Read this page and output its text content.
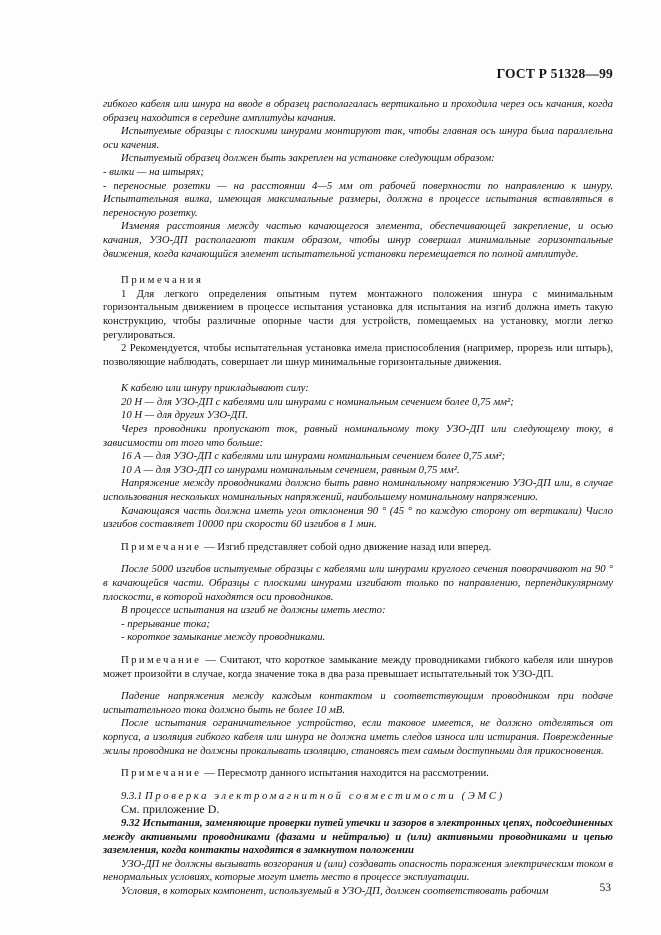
ГОСТ Р 51328—99

гибкого кабеля или шнура на вводе в образец располагалась вертикально и проходила через ось качания, когда образец находится в середине амплитуды качания.

Испытуемые образцы с плоскими шнурами монтируют так, чтобы главная ось шнура была параллельна оси качения.

Испытуемый образец должен быть закреплен на установке следующим образом:

- вилки — на штырях;

- переносные розетки — на расстоянии 4—5 мм от рабочей поверхности по направлению к шнуру. Испытательная вилка, имеющая максимальные размеры, должна в процессе испытания вставляться в переносную розетку.

Изменяя расстояния между частью качающегося элемента, обеспечивающей закрепление, и осью качания, УЗО-ДП располагают таким образом, чтобы шнур совершал минимальные горизонтальные движения, когда качающийся элемент испытательной установки перемещается по полной амплитуде.

Примечания

1 Для легкого определения опытным путем монтажного положения шнура с минимальным горизонтальным движением в процессе испытания установка для испытания на изгиб должна иметь такую конструкцию, чтобы различные опорные части для устройств, помещаемых на установку, могли легко регулироваться.

2 Рекомендуется, чтобы испытательная установка имела приспособления (например, прорезь или штырь), позволяющие наблюдать, совершает ли шнур минимальные горизонтальные движения.

К кабелю или шнуру прикладывают силу:

20 Н — для УЗО-ДП с кабелями или шнурами с номинальным сечением более 0,75 мм²;

10 Н — для других УЗО-ДП.

Через проводники пропускают ток, равный номинальному току УЗО-ДП или следующему току, в зависимости от того что больше:

16 А — для УЗО-ДП с кабелями или шнурами номинальным сечением более 0,75 мм²;

10 А — для УЗО-ДП со шнурами номинальным сечением, равным 0,75 мм².

Напряжение между проводниками должно быть равно номинальному напряжению УЗО-ДП или, в случае использования нескольких номинальных напряжений, наибольшему номинальному напряжению.

Качающаяся часть должна иметь угол отклонения 90 ° (45 ° по каждую сторону от вертикали) Число изгибов составляет 10000 при скорости 60 изгибов в 1 мин.

Примечание — Изгиб представляет собой одно движение назад или вперед.

После 5000 изгибов испытуемые образцы с кабелями или шнурами круглого сечения поворачивают на 90 ° в качающейся части. Образцы с плоскими шнурами изгибают только по направлению, перпендикулярному плоскости, в которой находятся оси проводников.

В процессе испытания на изгиб не должны иметь место:

- прерывание тока;

- короткое замыкание между проводниками.

Примечание — Считают, что короткое замыкание между проводниками гибкого кабеля или шнуров может произойти в случае, когда значение тока в два раза превышает испытательный ток УЗО-ДП.

Падение напряжения между каждым контактом и соответствующим проводником при подаче испытательного тока должно быть не более 10 мВ.

После испытания ограничительное устройство, если таковое имеется, не должно отделяться от корпуса, а изоляция гибкого кабеля или шнура не должна иметь следов износа или истирания. Поврежденные жилы проводника не должны прокалывать изоляцию, становясь тем самым доступными для прикосновения.

Примечание — Пересмотр данного испытания находится на рассмотрении.

9.3.1 Проверка электромагнитной совместимости (ЭМС)

См. приложение D.

9.32 Испытания, заменяющие проверки путей утечки и зазоров в электронных цепях, подсоединенных между активными проводниками (фазами и нейтралью) и (или) активными проводниками и цепью заземления, когда контакты находятся в замкнутом положении

УЗО-ДП не должны вызывать возгорания и (или) создавать опасность поражения электрическим током в ненормальных условиях, которые могут иметь место в процессе эксплуатации.

Условия, в которых компонент, используемый в УЗО-ДП, должен соответствовать рабочим	53
